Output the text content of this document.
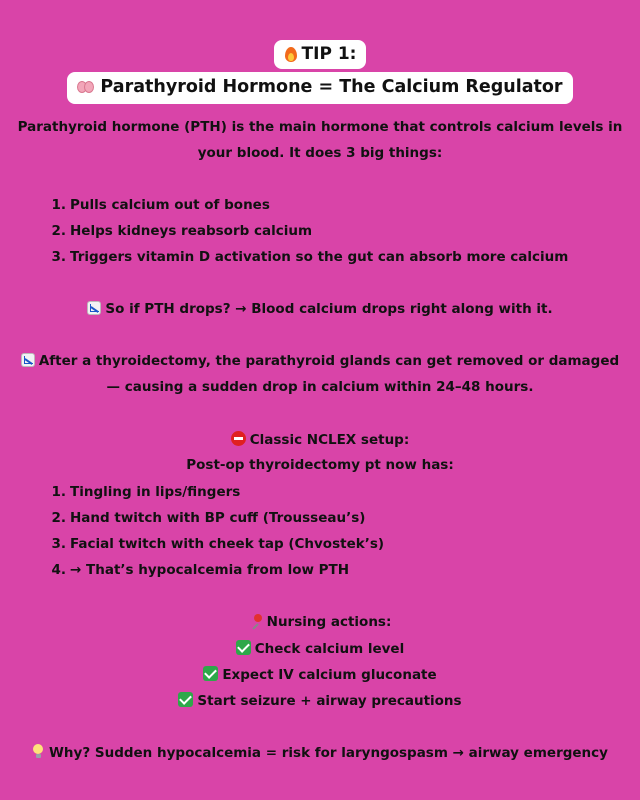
TIP 1:
Parathyroid Hormone = The Calcium Regulator
Parathyroid hormone (PTH) is the main hormone that controls calcium levels in
your blood. It does 3 big things:
1. Pulls calcium out of bones
2. Helps kidneys reabsorb calcium
3. Triggers vitamin D activation so the gut can absorb more calcium
So if PTH drops? → Blood calcium drops right along with it.
After a thyroidectomy, the parathyroid glands can get removed or damaged
— causing a sudden drop in calcium within 24–48 hours.
Classic NCLEX setup:
Post-op thyroidectomy pt now has:
1. Tingling in lips/fingers
2. Hand twitch with BP cuff (Trousseau’s)
3. Facial twitch with cheek tap (Chvostek’s)
4. → That’s hypocalcemia from low PTH
Nursing actions:
Check calcium level
Expect IV calcium gluconate
Start seizure + airway precautions
Why? Sudden hypocalcemia = risk for laryngospasm → airway emergency
